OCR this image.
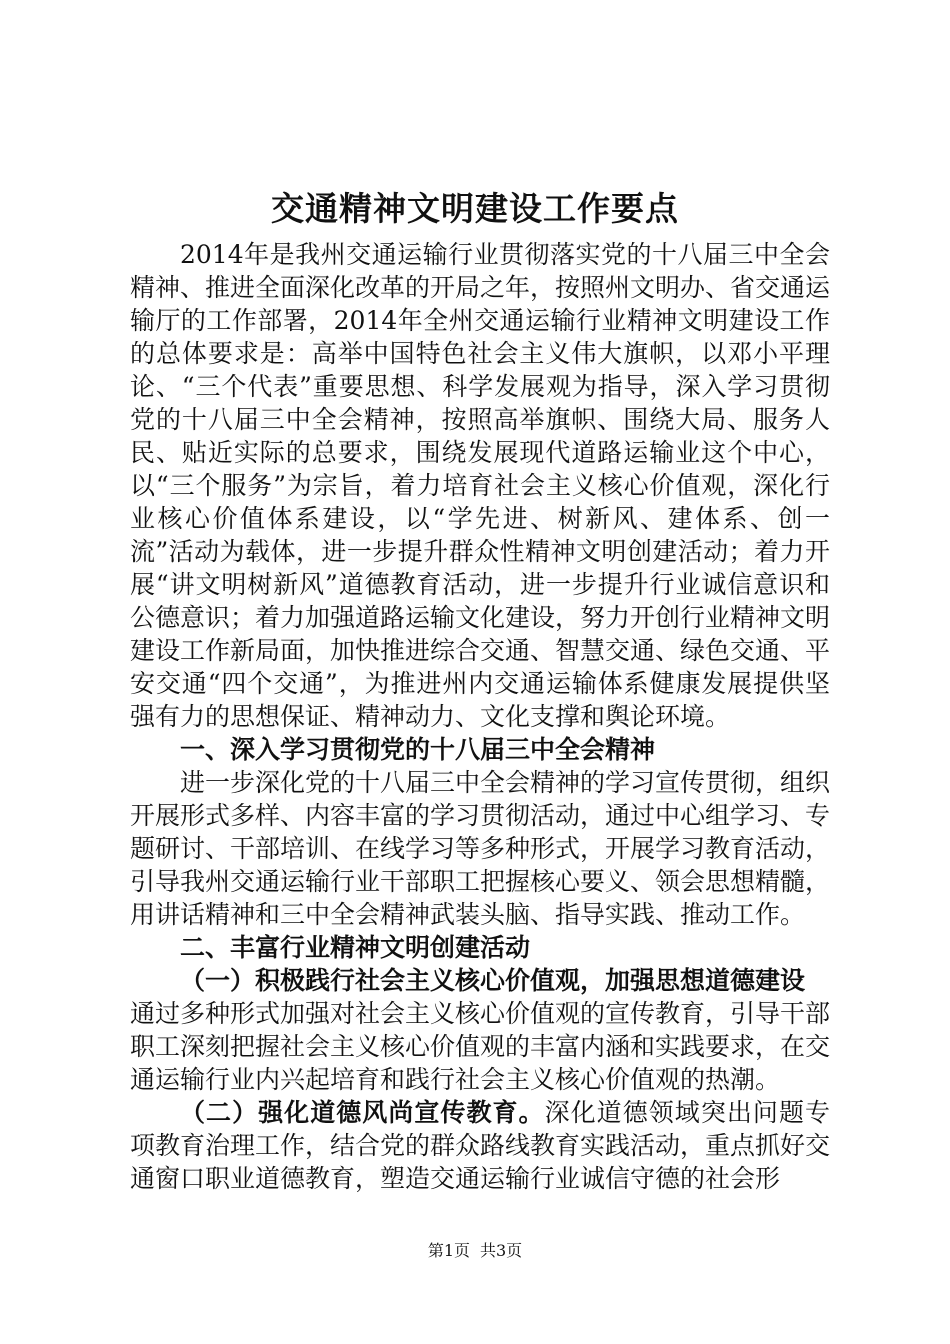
交通精神文明建设工作要点

2014年是我州交通运输行业贯彻落实党的十八届三中全会精神、推进全面深化改革的开局之年，按照州文明办、省交通运输厅的工作部署，2014年全州交通运输行业精神文明建设工作的总体要求是：高举中国特色社会主义伟大旗帜，以邓小平理论、“三个代表”重要思想、科学发展观为指导，深入学习贯彻党的十八届三中全会精神，按照高举旗帜、围绕大局、服务人民、贴近实际的总要求，围绕发展现代道路运输业这个中心，以“三个服务”为宗旨，着力培育社会主义核心价值观，深化行业核心价值体系建设，以“学先进、树新风、建体系、创一流”活动为载体，进一步提升群众性精神文明创建活动；着力开展“讲文明树新风”道德教育活动，进一步提升行业诚信意识和公德意识；着力加强道路运输文化建设，努力开创行业精神文明建设工作新局面，加快推进综合交通、智慧交通、绿色交通、平安交通“四个交通”，为推进州内交通运输体系健康发展提供坚强有力的思想保证、精神动力、文化支撑和舆论环境。

一、深入学习贯彻党的十八届三中全会精神

进一步深化党的十八届三中全会精神的学习宣传贯彻，组织开展形式多样、内容丰富的学习贯彻活动，通过中心组学习、专题研讨、干部培训、在线学习等多种形式，开展学习教育活动，引导我州交通运输行业干部职工把握核心要义、领会思想精髓，用讲话精神和三中全会精神武装头脑、指导实践、推动工作。

二、丰富行业精神文明创建活动

（一）积极践行社会主义核心价值观，加强思想道德建设

通过多种形式加强对社会主义核心价值观的宣传教育，引导干部职工深刻把握社会主义核心价值观的丰富内涵和实践要求，在交通运输行业内兴起培育和践行社会主义核心价值观的热潮。

（二）强化道德风尚宣传教育。深化道德领域突出问题专项教育治理工作，结合党的群众路线教育实践活动，重点抓好交通窗口职业道德教育，塑造交通运输行业诚信守德的社会形

第1页 共3页
